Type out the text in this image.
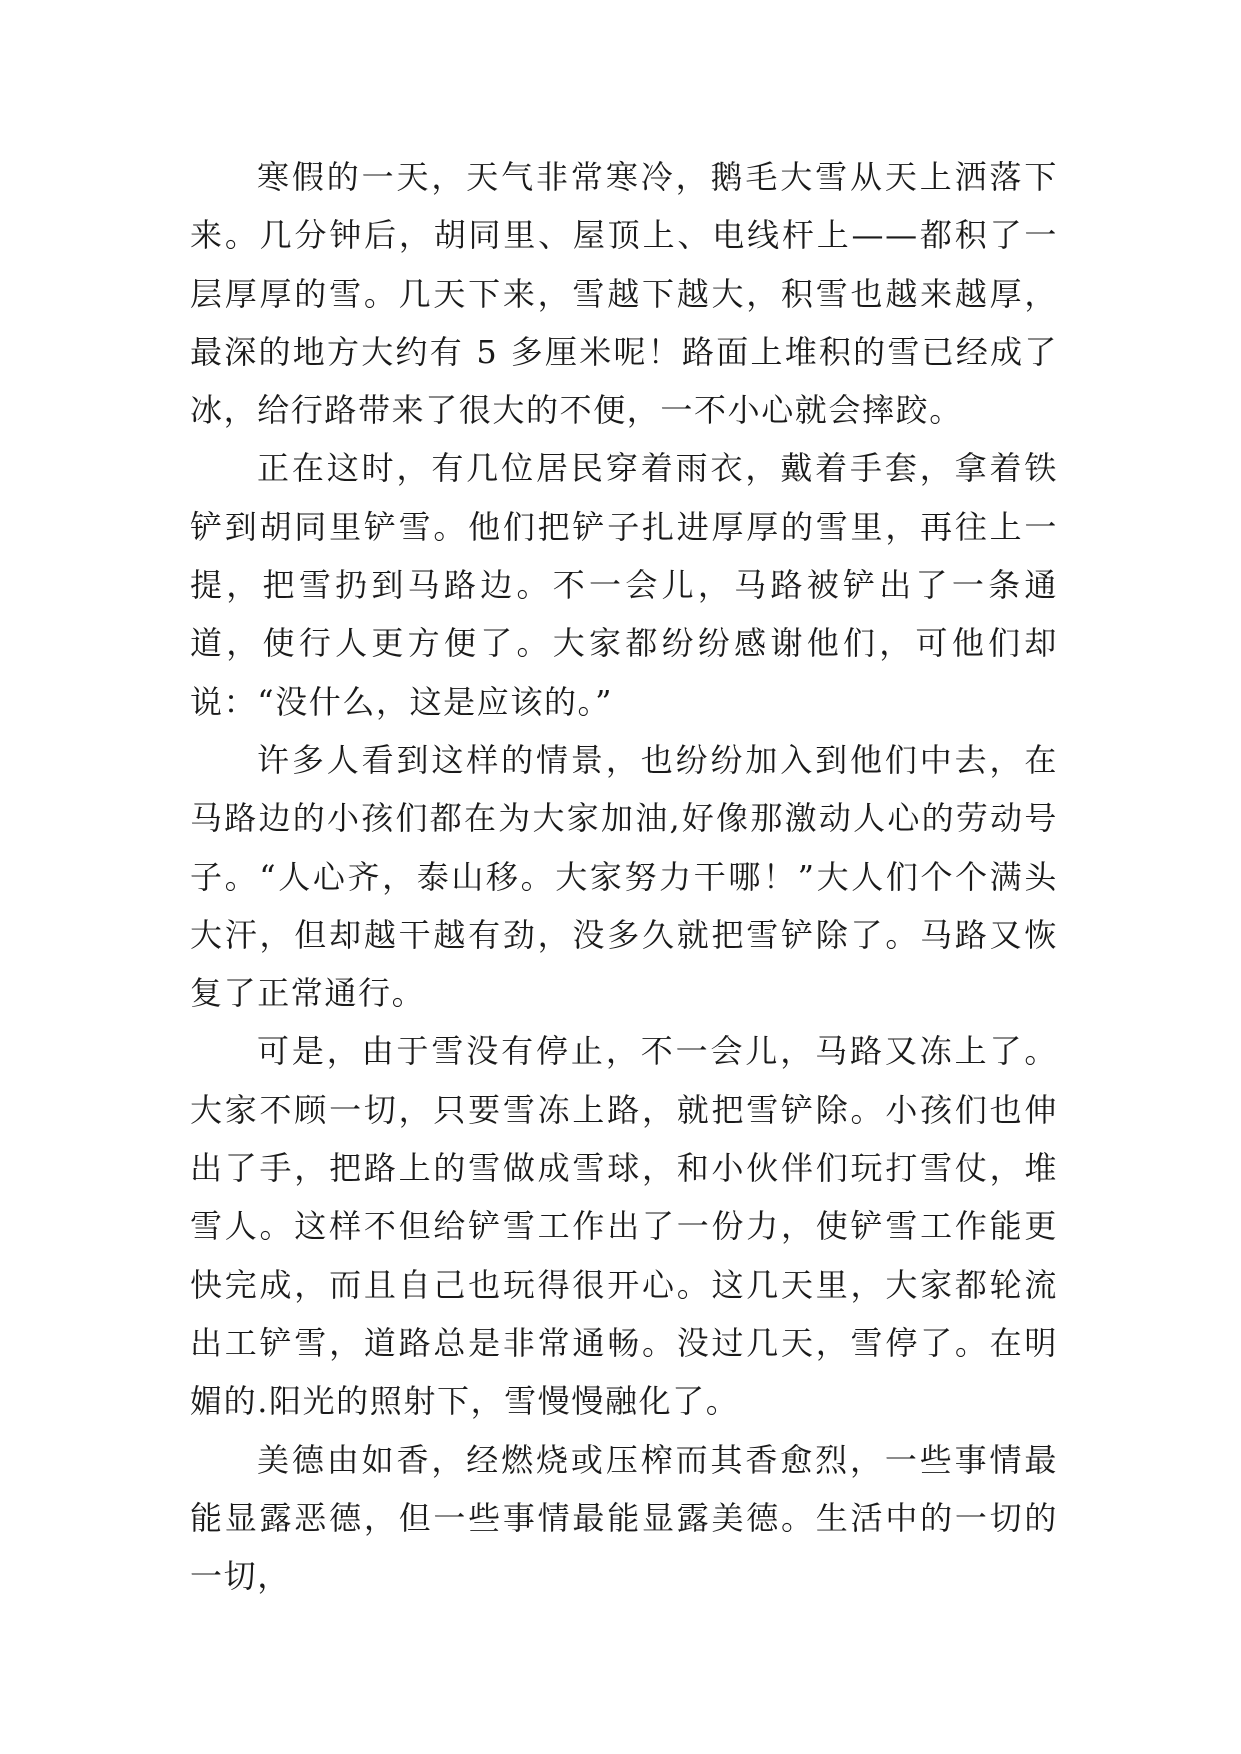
寒假的一天，天气非常寒冷，鹅毛大雪从天上洒落下来。几分钟后，胡同里、屋顶上、电线杆上——都积了一层厚厚的雪。几天下来，雪越下越大，积雪也越来越厚，最深的地方大约有 5 多厘米呢！路面上堆积的雪已经成了冰，给行路带来了很大的不便，一不小心就会摔跤。

正在这时，有几位居民穿着雨衣，戴着手套，拿着铁铲到胡同里铲雪。他们把铲子扎进厚厚的雪里，再往上一提，把雪扔到马路边。不一会儿，马路被铲出了一条通道，使行人更方便了。大家都纷纷感谢他们，可他们却说：“没什么，这是应该的。”

许多人看到这样的情景，也纷纷加入到他们中去，在马路边的小孩们都在为大家加油,好像那激动人心的劳动号子。“人心齐，泰山移。大家努力干哪！”大人们个个满头大汗，但却越干越有劲，没多久就把雪铲除了。马路又恢复了正常通行。

可是，由于雪没有停止，不一会儿，马路又冻上了。大家不顾一切，只要雪冻上路，就把雪铲除。小孩们也伸出了手，把路上的雪做成雪球，和小伙伴们玩打雪仗，堆雪人。这样不但给铲雪工作出了一份力，使铲雪工作能更快完成，而且自己也玩得很开心。这几天里，大家都轮流出工铲雪，道路总是非常通畅。没过几天，雪停了。在明媚的.阳光的照射下，雪慢慢融化了。

美德由如香，经燃烧或压榨而其香愈烈，一些事情最能显露恶德，但一些事情最能显露美德。生活中的一切的一切，
